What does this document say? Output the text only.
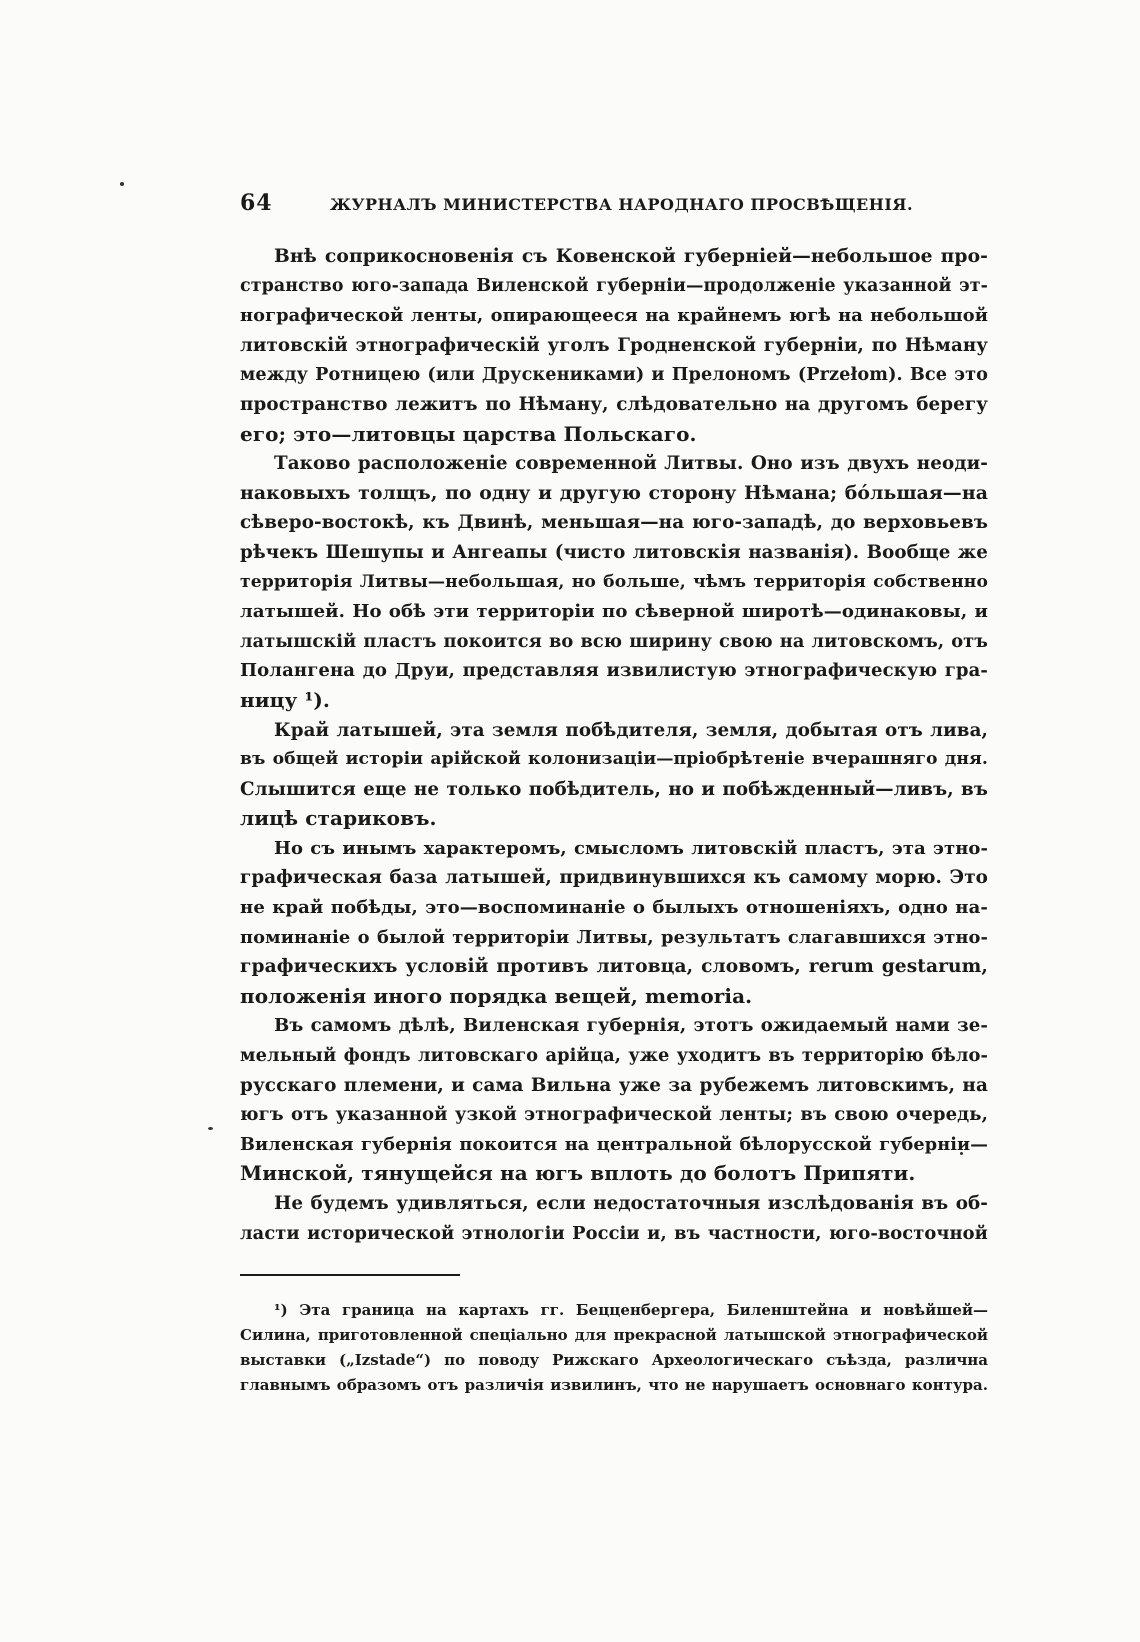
64	ЖУРНАЛЪ МИНИСТЕРСТВА НАРОДНАГО ПРОСВѢЩЕНІЯ.
Внѣ соприкосновенія съ Ковенской губерніей—небольшое про-
странство юго-запада Виленской губерніи—продолженіе указанной эт-
нографической ленты, опирающееся на крайнемъ югѣ на небольшой
литовскій этнографическій уголъ Гродненской губерніи, по Нѣману
между Ротницею (или Друскениками) и Прелономъ (Przełom). Все это
пространство лежитъ по Нѣману, слѣдовательно на другомъ берегу
его; это—литовцы царства Польскаго.
Таково расположеніе современной Литвы. Оно изъ двухъ неоди-
наковыхъ толщъ, по одну и другую сторону Нѣмана; бо́льшая—на
сѣверо-востокѣ, къ Двинѣ, меньшая—на юго-западѣ, до верховьевъ
рѣчекъ Шешупы и Ангеапы (чисто литовскія названія). Вообще же
территорія Литвы—небольшая, но больше, чѣмъ территорія собственно
латышей. Но обѣ эти территоріи по сѣверной широтѣ—одинаковы, и
латышскій пластъ покоится во всю ширину свою на литовскомъ, отъ
Полангена до Друи, представляя извилистую этнографическую гра-
ницу ¹).
Край латышей, эта земля побѣдителя, земля, добытая отъ лива,
въ общей исторіи арійской колонизаціи—пріобрѣтеніе вчерашняго дня.
Слышится еще не только побѣдитель, но и побѣжденный—ливъ, въ
лицѣ стариковъ.
Но съ инымъ характеромъ, смысломъ литовскій пластъ, эта этно-
графическая база латышей, придвинувшихся къ самому морю. Это
не край побѣды, это—воспоминаніе о былыхъ отношеніяхъ, одно на-
поминаніе о былой территоріи Литвы, результатъ слагавшихся этно-
графическихъ условій противъ литовца, словомъ, rerum gestarum,
положенія иного порядка вещей, memoria.
Въ самомъ дѣлѣ, Виленская губернія, этотъ ожидаемый нами зе-
мельный фондъ литовскаго арійца, уже уходитъ въ территорію бѣло-
русскаго племени, и сама Вильна уже за рубежемъ литовскимъ, на
югъ отъ указанной узкой этнографической ленты; въ свою очередь,
Виленская губернія покоится на центральной бѣлорусской губерніи—
Минской, тянущейся на югъ вплоть до болотъ Припяти.
Не будемъ удивляться, если недостаточныя изслѣдованія въ об-
ласти исторической этнологіи Россіи и, въ частности, юго-восточной
¹) Эта граница на картахъ гг. Бецценбергера, Биленштейна и новѣйшей—
Силина, приготовленной спеціально для прекрасной латышской этнографической
выставки („Izstade“) по поводу Рижскаго Археологическаго съѣзда, различна
главнымъ образомъ отъ различія извилинъ, что не нарушаетъ основнаго контура.
